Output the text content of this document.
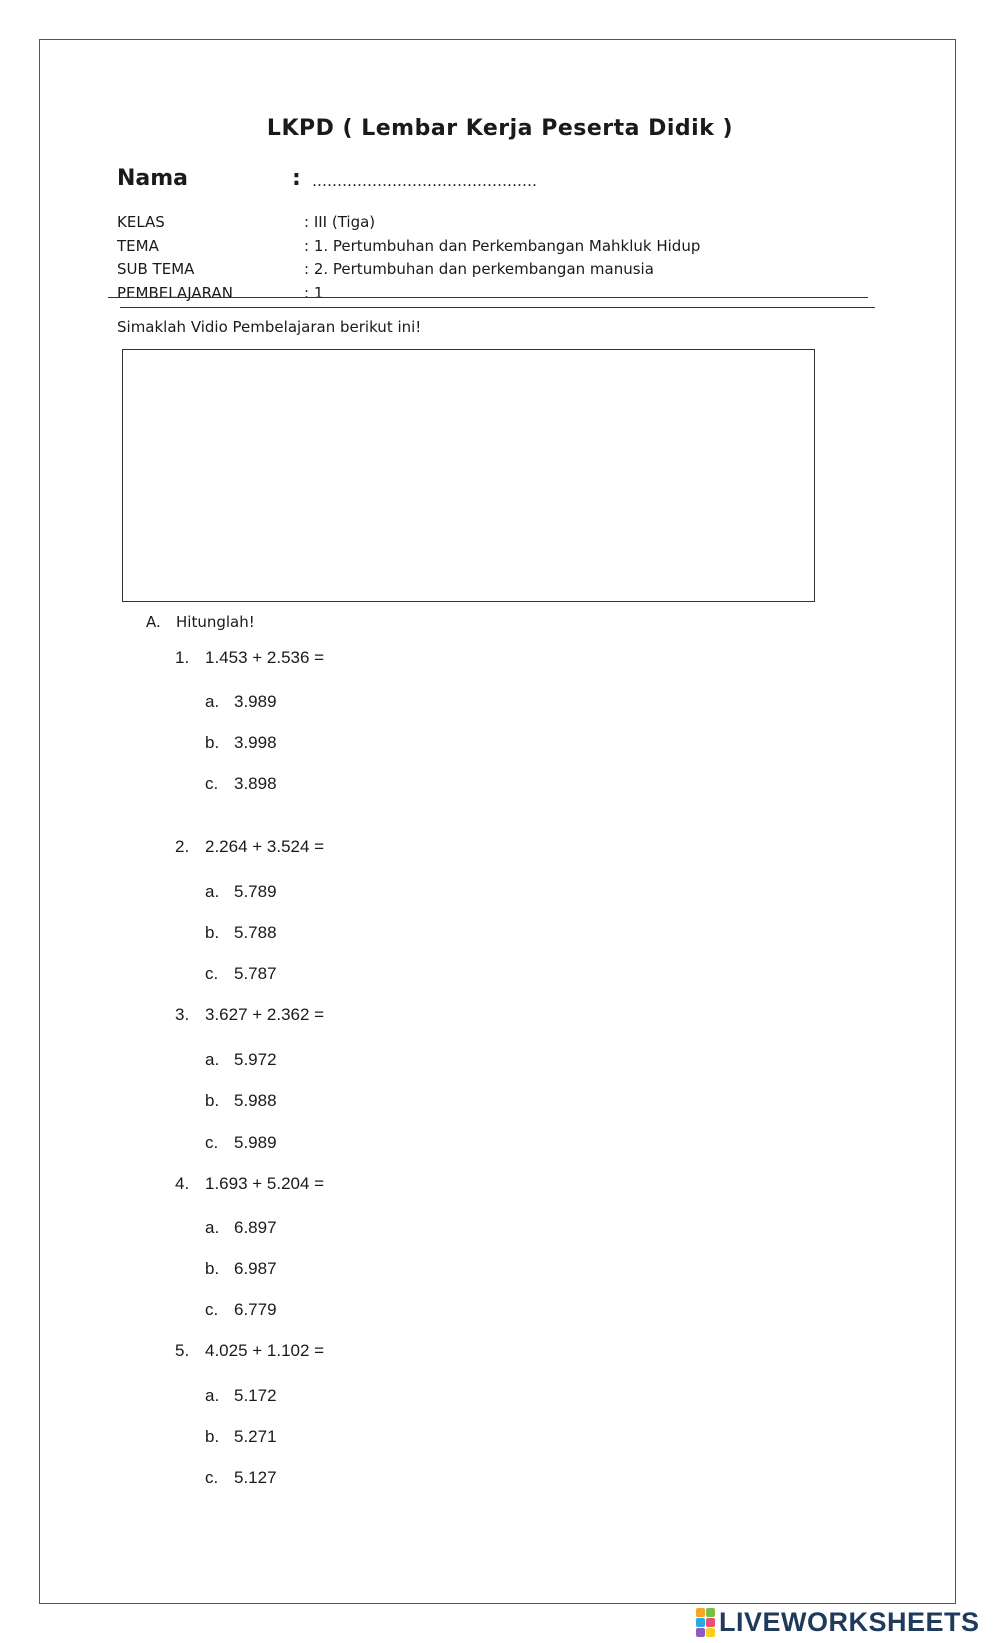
LKPD ( Lembar Kerja Peserta Didik )
Nama	: ………………………………………
KELAS	: III (Tiga)
TEMA	: 1. Pertumbuhan dan Perkembangan Mahkluk Hidup
SUB TEMA	: 2. Pertumbuhan dan perkembangan manusia
PEMBELAJARAN	: 1
Simaklah Vidio Pembelajaran berikut ini!
A. Hitunglah!
1. 1.453 + 2.536 =
a. 3.989
b. 3.998
c. 3.898
2. 2.264 + 3.524 =
a. 5.789
b. 5.788
c. 5.787
3. 3.627 + 2.362 =
a. 5.972
b. 5.988
c. 5.989
4. 1.693 + 5.204 =
a. 6.897
b. 6.987
c. 6.779
5. 4.025 + 1.102 =
a. 5.172
b. 5.271
c. 5.127
LIVEWORKSHEETS
